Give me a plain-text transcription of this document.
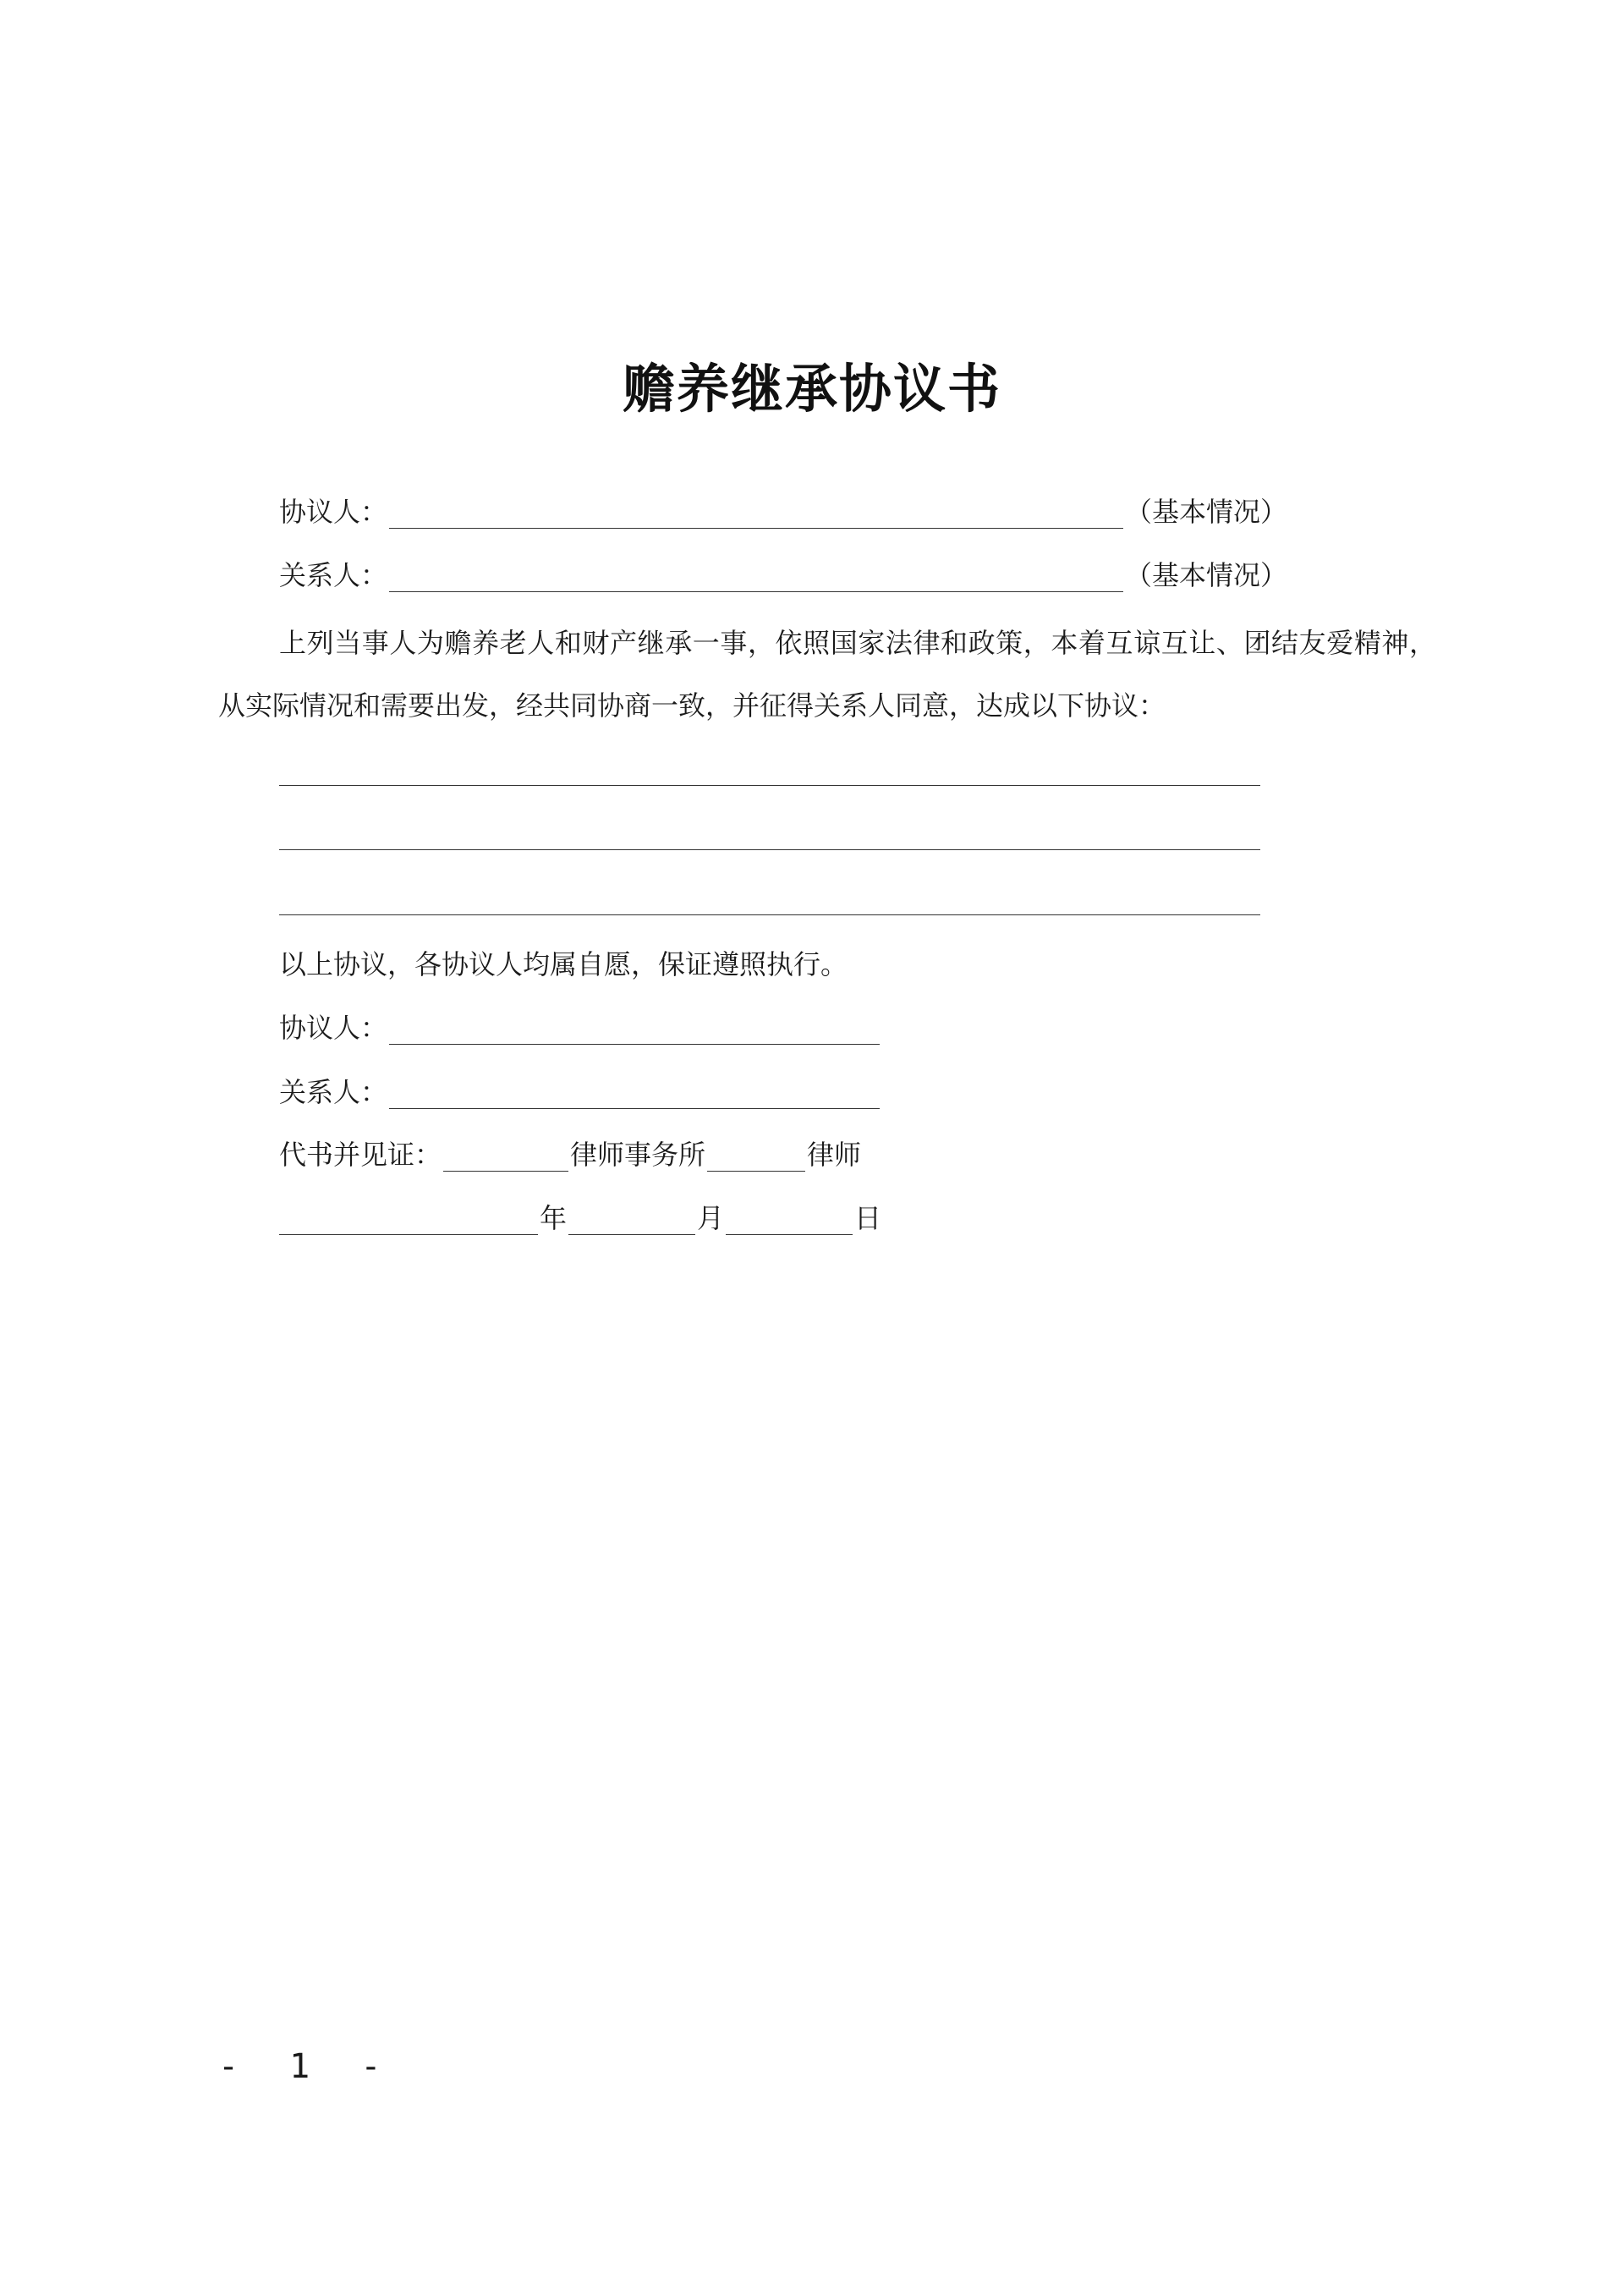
赡养继承协议书
协议人：	（基本情况）
关系人：	（基本情况）
上列当事人为赡养老人和财产继承一事，依照国家法律和政策，本着互谅互让、团结友爱精神，从实际情况和需要出发，经共同协商一致，并征得关系人同意，达成以下协议：
以上协议，各协议人均属自愿，保证遵照执行。
协议人：
关系人：
代书并见证：	律师事务所	律师
年	月	日
- 1 -
